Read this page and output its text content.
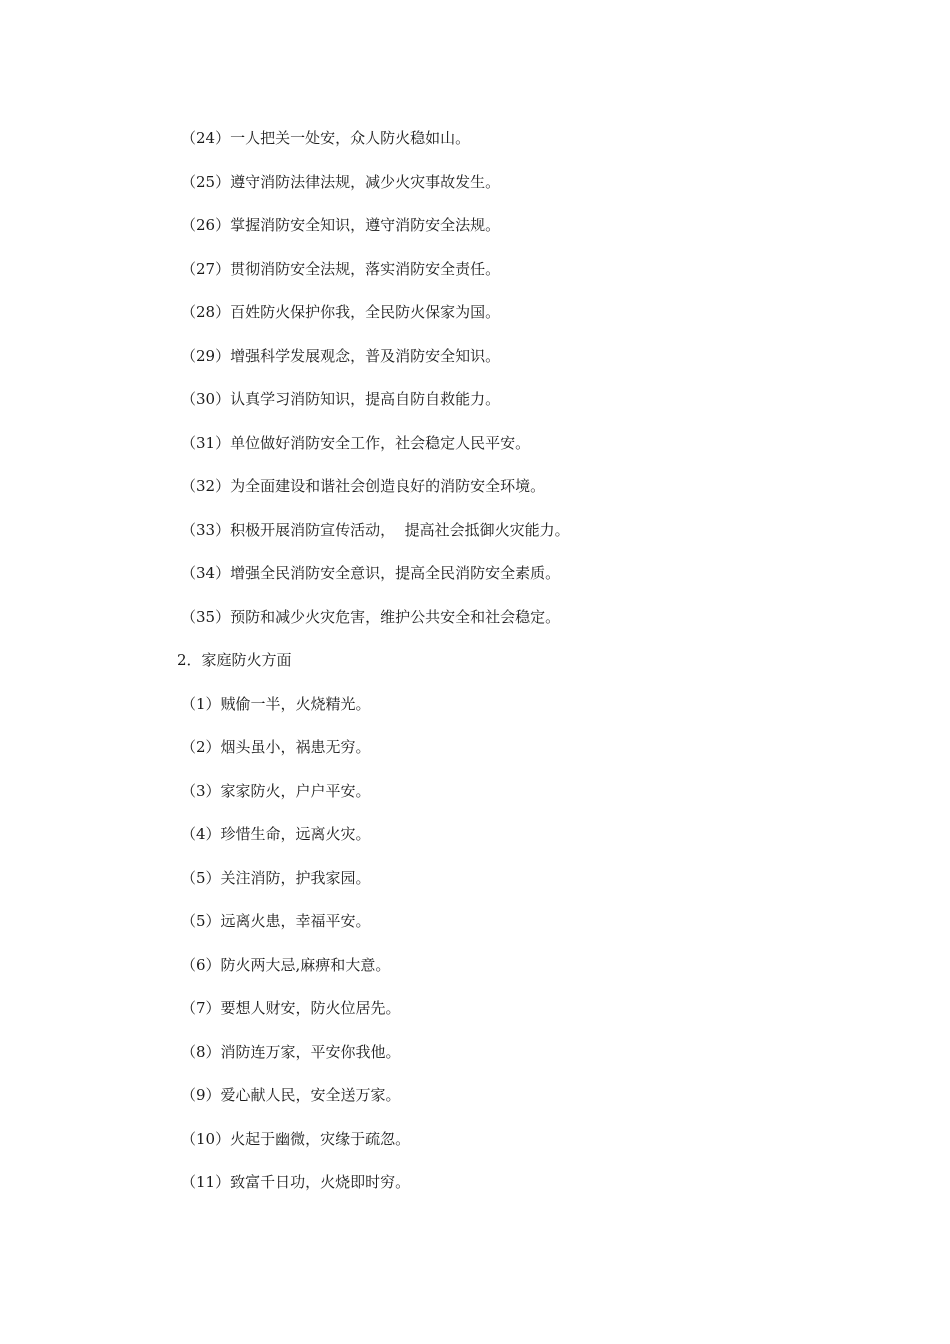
（24）一人把关一处安，众人防火稳如山。
（25）遵守消防法律法规，减少火灾事故发生。
（26）掌握消防安全知识，遵守消防安全法规。
（27）贯彻消防安全法规，落实消防安全责任。
（28）百姓防火保护你我，全民防火保家为国。
（29）增强科学发展观念，普及消防安全知识。
（30）认真学习消防知识，提高自防自救能力。
（31）单位做好消防安全工作，社会稳定人民平安。
（32）为全面建设和谐社会创造良好的消防安全环境。
（33）积极开展消防宣传活动，  提高社会抵御火灾能力。
（34）增强全民消防安全意识，提高全民消防安全素质。
（35）预防和减少火灾危害，维护公共安全和社会稳定。
2．家庭防火方面
（1）贼偷一半，火烧精光。
（2）烟头虽小，祸患无穷。
（3）家家防火，户户平安。
（4）珍惜生命，远离火灾。
（5）关注消防，护我家园。
（5）远离火患，幸福平安。
（6）防火两大忌,麻痹和大意。
（7）要想人财安，防火位居先。
（8）消防连万家，平安你我他。
（9）爱心献人民，安全送万家。
（10）火起于幽微，灾缘于疏忽。
（11）致富千日功，火烧即时穷。
